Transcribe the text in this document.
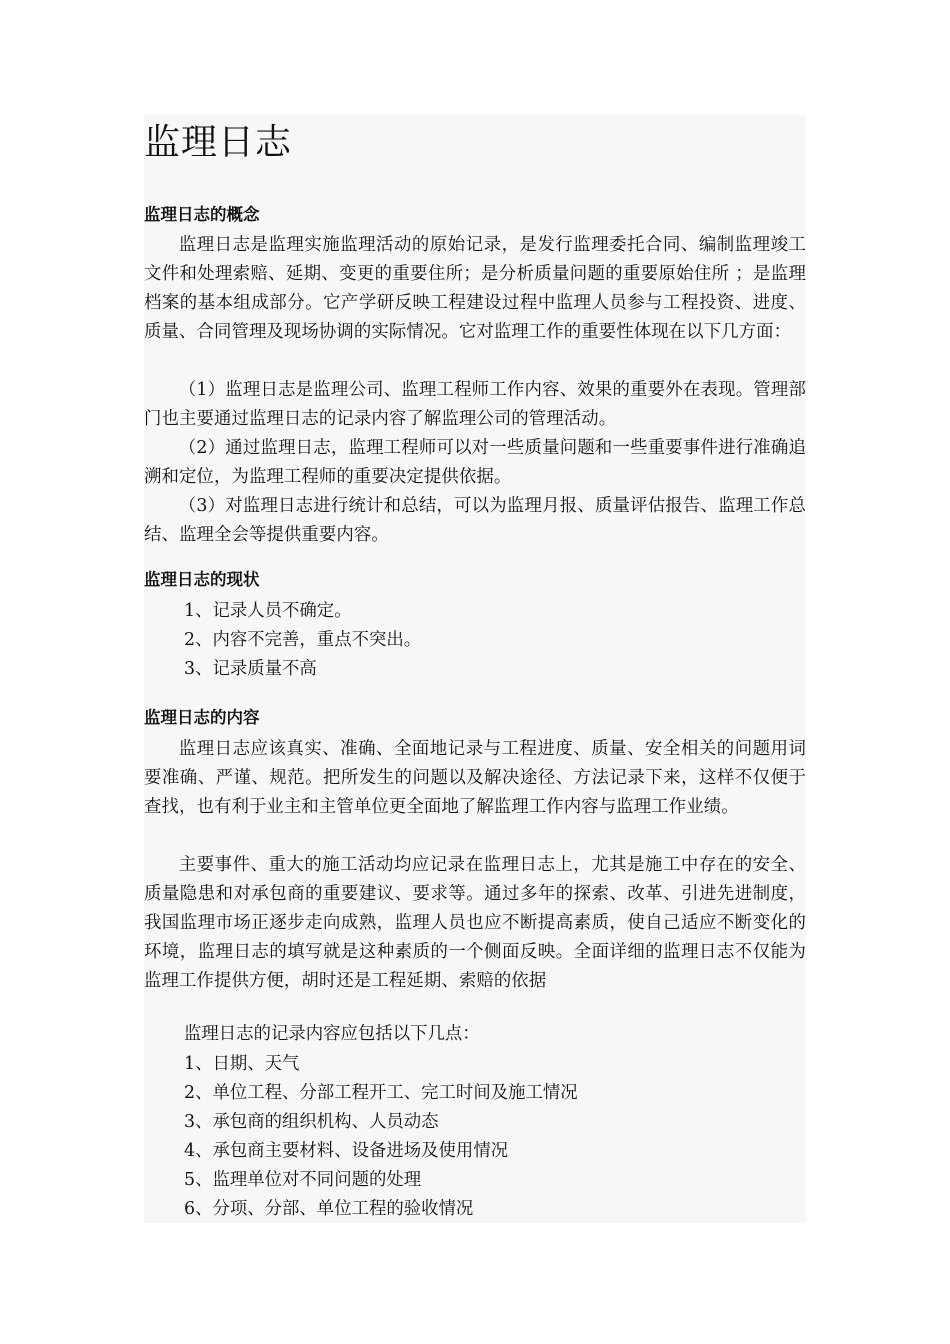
监理日志
监理日志的概念

监理日志是监理实施监理活动的原始记录，是发行监理委托合同、编制监理竣工文件和处理索赔、延期、变更的重要住所；是分析质量问题的重要原始住所 ；是监理档案的基本组成部分。它产学研反映工程建设过程中监理人员参与工程投资、进度、质量、合同管理及现场协调的实际情况。它对监理工作的重要性体现在以下几方面：

（1）监理日志是监理公司、监理工程师工作内容、效果的重要外在表现。管理部门也主要通过监理日志的记录内容了解监理公司的管理活动。

（2）通过监理日志，监理工程师可以对一些质量问题和一些重要事件进行准确追溯和定位，为监理工程师的重要决定提供依据。

（3）对监理日志进行统计和总结，可以为监理月报、质量评估报告、监理工作总结、监理全会等提供重要内容。

监理日志的现状

1、记录人员不确定。

2、内容不完善，重点不突出。

3、记录质量不高

监理日志的内容

监理日志应该真实、准确、全面地记录与工程进度、质量、安全相关的问题用词要准确、严谨、规范。把所发生的问题以及解决途径、方法记录下来，这样不仅便于查找，也有利于业主和主管单位更全面地了解监理工作内容与监理工作业绩。

主要事件、重大的施工活动均应记录在监理日志上，尤其是施工中存在的安全、质量隐患和对承包商的重要建议、要求等。通过多年的探索、改革、引进先进制度，我国监理市场正逐步走向成熟，监理人员也应不断提高素质，使自己适应不断变化的环境，监理日志的填写就是这种素质的一个侧面反映。全面详细的监理日志不仅能为监理工作提供方便，胡时还是工程延期、索赔的依据

监理日志的记录内容应包括以下几点：

1、日期、天气

2、单位工程、分部工程开工、完工时间及施工情况

3、承包商的组织机构、人员动态

4、承包商主要材料、设备进场及使用情况

5、监理单位对不同问题的处理

6、分项、分部、单位工程的验收情况
